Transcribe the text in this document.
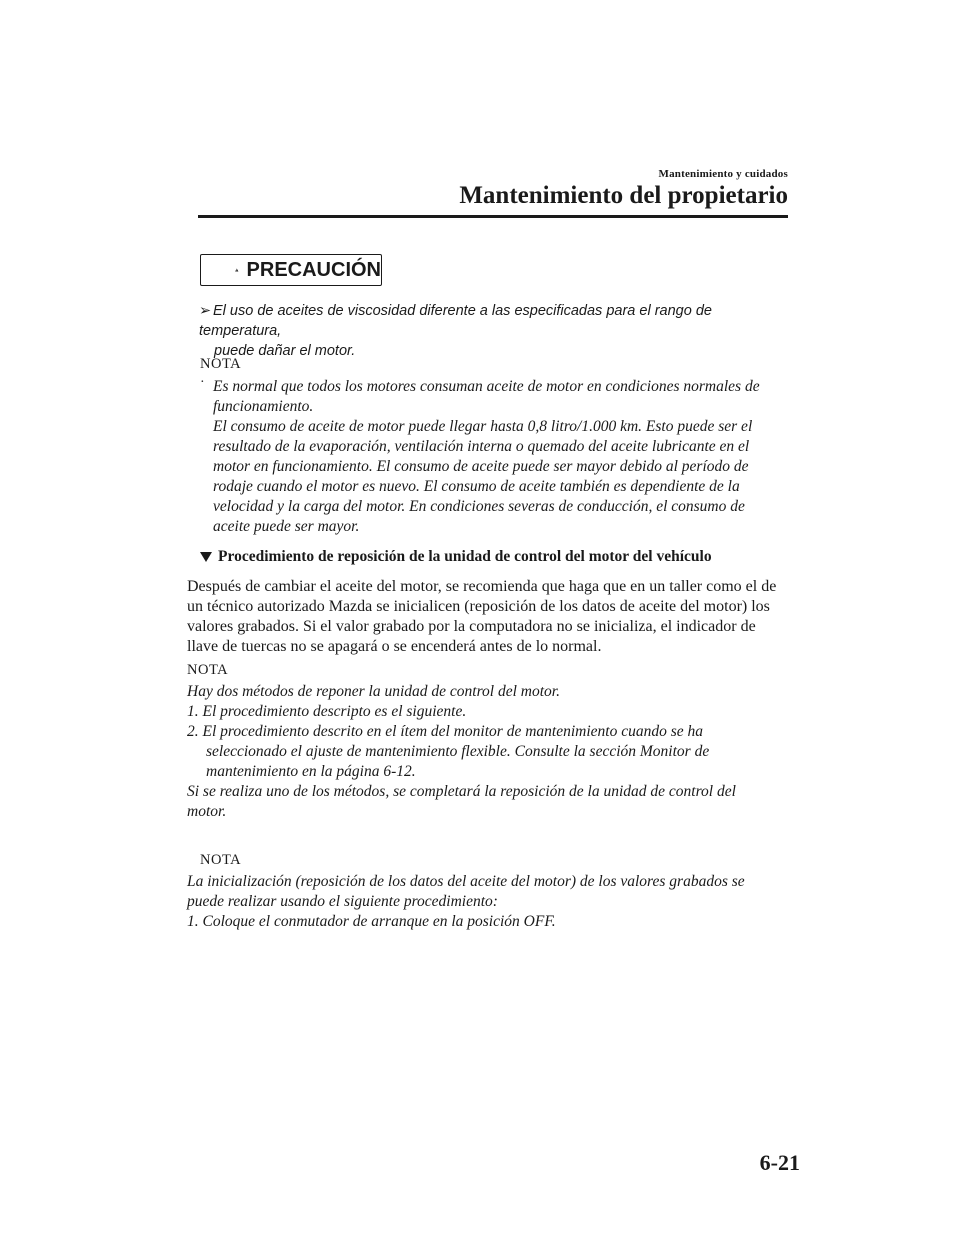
Mantenimiento y cuidados
Mantenimiento del propietario
PRECAUCIÓN
➢ El uso de aceites de viscosidad diferente a las especificadas para el rango de temperatura,
puede dañar el motor.
NOTA
· Es normal que todos los motores consuman aceite de motor en condiciones normales de
funcionamiento.
El consumo de aceite de motor puede llegar hasta 0,8 litro/1.000 km. Esto puede ser el
resultado de la evaporación, ventilación interna o quemado del aceite lubricante en el
motor en funcionamiento. El consumo de aceite puede ser mayor debido al período de
rodaje cuando el motor es nuevo. El consumo de aceite también es dependiente de la
velocidad y la carga del motor. En condiciones severas de conducción, el consumo de
aceite puede ser mayor.
Procedimiento de reposición de la unidad de control del motor del vehículo
Después de cambiar el aceite del motor, se recomienda que haga que en un taller como el de
un técnico autorizado Mazda se inicialicen (reposición de los datos de aceite del motor) los
valores grabados. Si el valor grabado por la computadora no se inicializa, el indicador de
llave de tuercas no se apagará o se encenderá antes de lo normal.
NOTA
Hay dos métodos de reponer la unidad de control del motor.
1. El procedimiento descripto es el siguiente.
2. El procedimiento descrito en el ítem del monitor de mantenimiento cuando se ha
seleccionado el ajuste de mantenimiento flexible. Consulte la sección Monitor de
mantenimiento en la página 6-12.
Si se realiza uno de los métodos, se completará la reposición de la unidad de control del
motor.
NOTA
La inicialización (reposición de los datos del aceite del motor) de los valores grabados se
puede realizar usando el siguiente procedimiento:
1. Coloque el conmutador de arranque en la posición OFF.
6-21
